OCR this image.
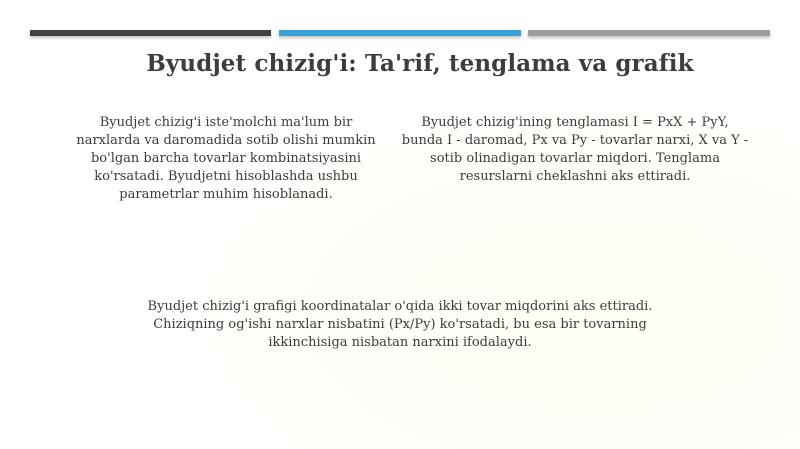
Byudjet chizig'i: Ta'rif, tenglama va grafik
Byudjet chizig'i iste'molchi ma'lum bir narxlarda va daromadida sotib olishi mumkin bo'lgan barcha tovarlar kombinatsiyasini ko'rsatadi. Byudjetni hisoblashda ushbu parametrlar muhim hisoblanadi.
Byudjet chizig'ining tenglamasi I = PxX + PyY, bunda I - daromad, Px va Py - tovarlar narxi, X va Y - sotib olinadigan tovarlar miqdori. Tenglama resurslarni cheklashni aks ettiradi.
Byudjet chizig'i grafigi koordinatalar o'qida ikki tovar miqdorini aks ettiradi. Chiziqning og'ishi narxlar nisbatini (Px/Py) ko'rsatadi, bu esa bir tovarning ikkinchisiga nisbatan narxini ifodalaydi.
